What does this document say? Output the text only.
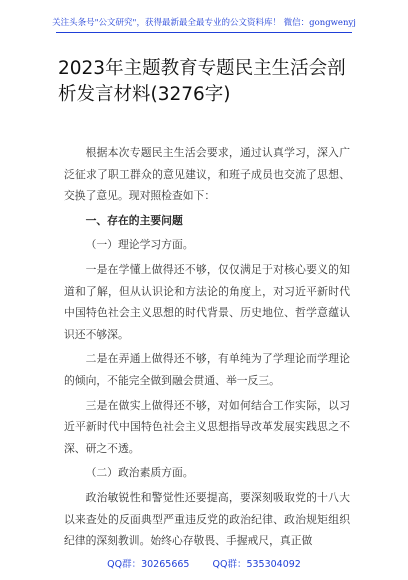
关注头条号"公文研究"，获得最新最全最专业的公文资料库！ 微信：gongwenyj
2023年主题教育专题民主生活会剖析发言材料(3276字)

根据本次专题民主生活会要求，通过认真学习，深入广泛征求了职工群众的意见建议，和班子成员也交流了思想、交换了意见。现对照检查如下：

一、存在的主要问题

（一）理论学习方面。

一是在学懂上做得还不够，仅仅满足于对核心要义的知道和了解，但从认识论和方法论的角度上，对习近平新时代中国特色社会主义思想的时代背景、历史地位、哲学意蕴认识还不够深。

二是在弄通上做得还不够，有单纯为了学理论而学理论的倾向，不能完全做到融会贯通、举一反三。

三是在做实上做得还不够，对如何结合工作实际，以习近平新时代中国特色社会主义思想指导改革发展实践思之不深、研之不透。

（二）政治素质方面。

政治敏锐性和警觉性还要提高，要深刻吸取党的十八大以来查处的反面典型严重违反党的政治纪律、政治规矩组织纪律的深刻教训。始终心存敬畏、手握戒尺，真正做

QQ群：30265665 QQ群：535304092
